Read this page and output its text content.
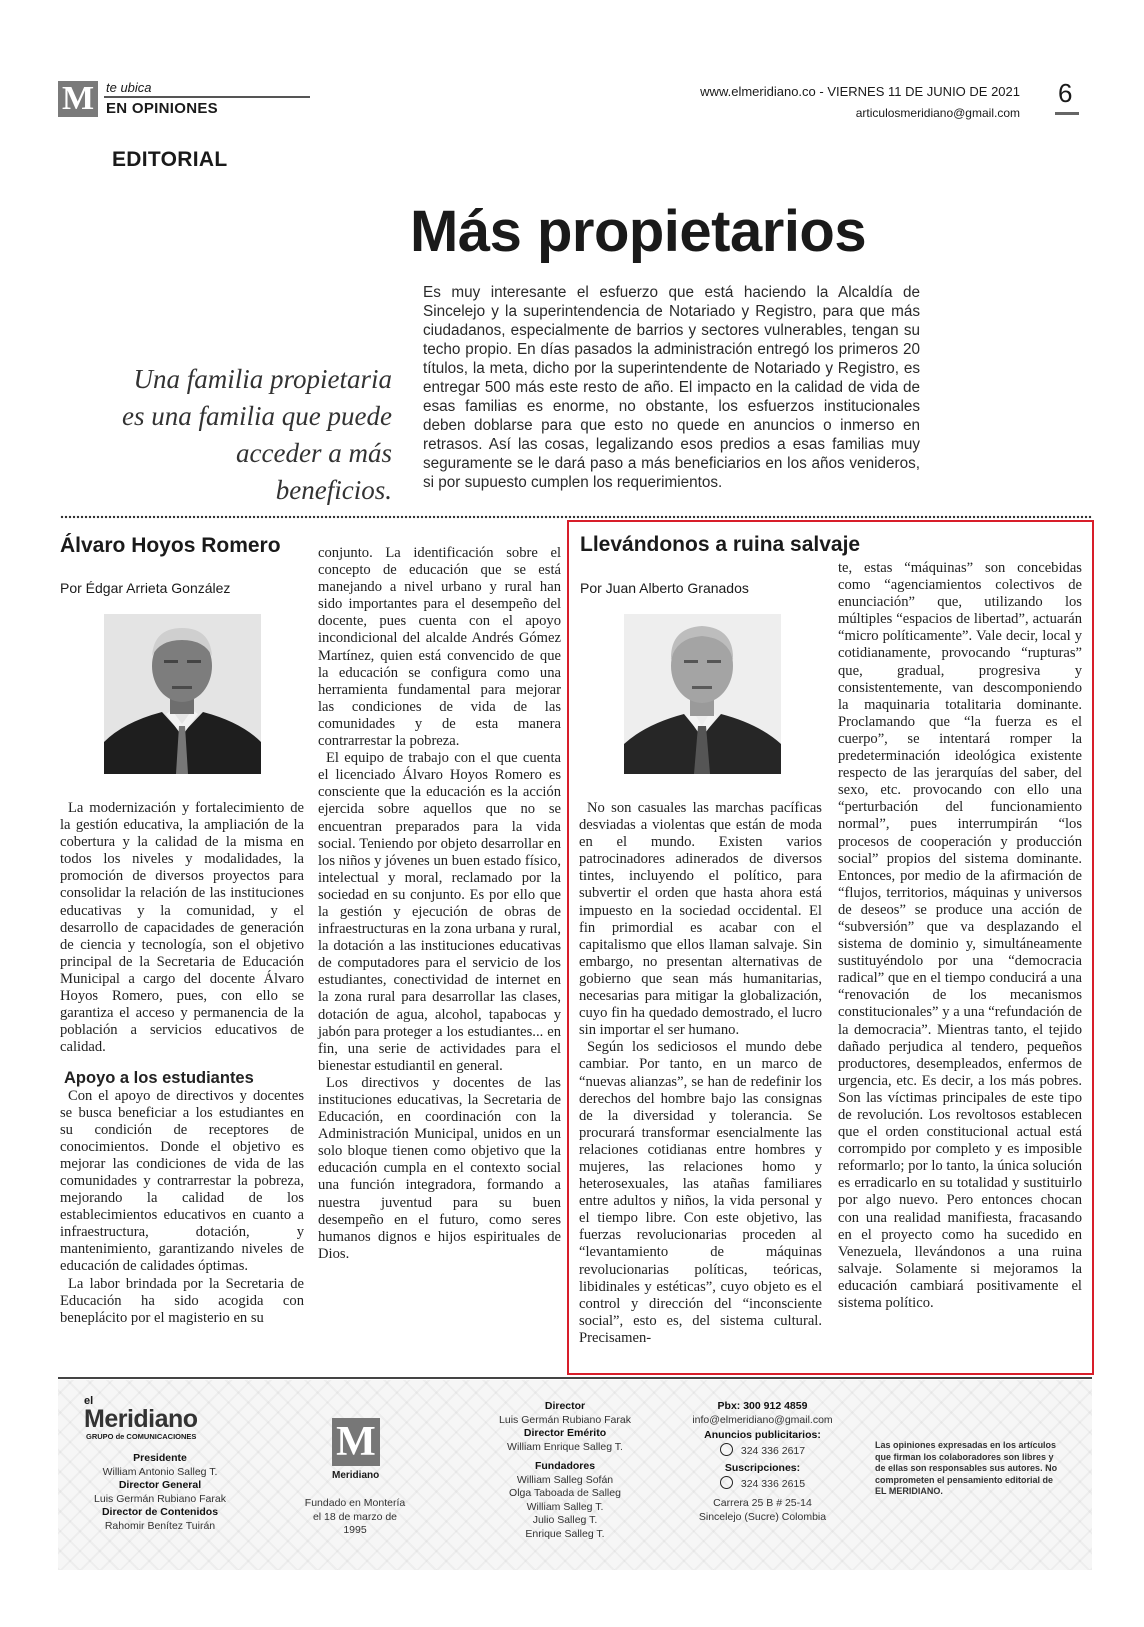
M te ubica
EN OPINIONES
www.elmeridiano.co - VIERNES 11 DE JUNIO DE 2021
articulosmeridiano@gmail.com
6
EDITORIAL
Más propietarios

Es muy interesante el esfuerzo que está haciendo la Alcaldía de Sincelejo y la superintendencia de Notariado y Registro, para que más ciudadanos, especialmente de barrios y sectores vulnerables, tengan su techo propio. En días pasados la administración entregó los primeros 20 títulos, la meta, dicho por la superintendente de Notariado y Registro, es entregar 500 más este resto de año. El impacto en la calidad de vida de esas familias es enorme, no obstante, los esfuerzos institucionales deben doblarse para que esto no quede en anuncios o inmerso en retrasos. Así las cosas, legalizando esos predios a esas familias muy seguramente se le dará paso a más beneficiarios en los años venideros, si por supuesto cumplen los requerimientos.

Una familia propietaria es una familia que puede acceder a más beneficios.

Álvaro Hoyos Romero
Por Édgar Arrieta González

La modernización y fortalecimiento de la gestión educativa, la ampliación de la cobertura y la calidad de la misma en todos los niveles y modalidades, la promoción de diversos proyectos para consolidar la relación de las instituciones educativas y la comunidad, y el desarrollo de capacidades de generación de ciencia y tecnología, son el objetivo principal de la Secretaria de Educación Municipal a cargo del docente Álvaro Hoyos Romero, pues, con ello se garantiza el acceso y permanencia de la población a servicios educativos de calidad.

Apoyo a los estudiantes

Con el apoyo de directivos y docentes se busca beneficiar a los estudiantes en su condición de receptores de conocimientos. Donde el objetivo es mejorar las condiciones de vida de las comunidades y contrarrestar la pobreza, mejorando la calidad de los establecimientos educativos en cuanto a infraestructura, dotación, y mantenimiento, garantizando niveles de educación de calidades óptimas.

La labor brindada por la Secretaria de Educación ha sido acogida con beneplácito por el magisterio en su

conjunto. La identificación sobre el concepto de educación que se está manejando a nivel urbano y rural han sido importantes para el desempeño del docente, pues cuenta con el apoyo incondicional del alcalde Andrés Gómez Martínez, quien está convencido de que la educación se configura como una herramienta fundamental para mejorar las condiciones de vida de las comunidades y de esta manera contrarrestar la pobreza.

El equipo de trabajo con el que cuenta el licenciado Álvaro Hoyos Romero es consciente que la educación es la acción ejercida sobre aquellos que no se encuentran preparados para la vida social. Teniendo por objeto desarrollar en los niños y jóvenes un buen estado físico, intelectual y moral, reclamado por la sociedad en su conjunto. Es por ello que la gestión y ejecución de obras de infraestructuras en la zona urbana y rural, la dotación a las instituciones educativas de computadores para el servicio de los estudiantes, conectividad de internet en la zona rural para desarrollar las clases, dotación de agua, alcohol, tapabocas y jabón para proteger a los estudiantes... en fin, una serie de actividades para el bienestar estudiantil en general.

Los directivos y docentes de las instituciones educativas, la Secretaria de Educación, en coordinación con la Administración Municipal, unidos en un solo bloque tienen como objetivo que la educación cumpla en el contexto social una función integradora, formando a nuestra juventud para su buen desempeño en el futuro, como seres humanos dignos e hijos espirituales de Dios.

Llevándonos a ruina salvaje
Por Juan Alberto Granados

No son casuales las marchas pacíficas desviadas a violentas que están de moda en el mundo. Existen varios patrocinadores adinerados de diversos tintes, incluyendo el político, para subvertir el orden que hasta ahora está impuesto en la sociedad occidental. El fin primordial es acabar con el capitalismo que ellos llaman salvaje. Sin embargo, no presentan alternativas de gobierno que sean más humanitarias, necesarias para mitigar la globalización, cuyo fin ha quedado demostrado, el lucro sin importar el ser humano.

Según los sediciosos el mundo debe cambiar. Por tanto, en un marco de “nuevas alianzas”, se han de redefinir los derechos del hombre bajo las consignas de la diversidad y tolerancia. Se procurará transformar esencialmente las relaciones cotidianas entre hombres y mujeres, las relaciones homo y heterosexuales, las atañas familiares entre adultos y niños, la vida personal y el tiempo libre. Con este objetivo, las fuerzas revolucionarias proceden al “levantamiento de máquinas revolucionarias políticas, teóricas, libidinales y estéticas”, cuyo objeto es el control y dirección del “inconsciente social”, esto es, del sistema cultural. Precisamen-

te, estas “máquinas” son concebidas como “agenciamientos colectivos de enunciación” que, utilizando los múltiples “espacios de libertad”, actuarán “micro políticamente”. Vale decir, local y cotidianamente, provocando “rupturas” que, gradual, progresiva y consistentemente, van descomponiendo la maquinaria totalitaria dominante. Proclamando que “la fuerza es el cuerpo”, se intentará romper la predeterminación ideológica existente respecto de las jerarquías del saber, del sexo, etc. provocando con ello una “perturbación del funcionamiento normal”, pues interrumpirán “los procesos de cooperación y producción social” propios del sistema dominante. Entonces, por medio de la afirmación de “flujos, territorios, máquinas y universos de deseos” se produce una acción de “subversión” que va desplazando el sistema de dominio y, simultáneamente sustituyéndolo por una “democracia radical” que en el tiempo conducirá a una “renovación de los mecanismos constitucionales” y a una “refundación de la democracia”. Mientras tanto, el tejido dañado perjudica al tendero, pequeños productores, desempleados, enfermos de urgencia, etc. Es decir, a los más pobres. Son las víctimas principales de este tipo de revolución. Los revoltosos establecen que el orden constitucional actual está corrompido por completo y es imposible reformarlo; por lo tanto, la única solución es erradicarlo en su totalidad y sustituirlo por algo nuevo. Pero entonces chocan con una realidad manifiesta, fracasando en el proyecto como ha sucedido en Venezuela, llevándonos a una ruina salvaje. Solamente si mejoramos la educación cambiará positivamente el sistema político.

el
Meridiano
GRUPO de COMUNICACIONES
Presidente
William Antonio Salleg T.
Director General
Luis Germán Rubiano Farak
Director de Contenidos
Rahomir Benítez Tuirán
M
Meridiano
Fundado en Montería el 18 de marzo de 1995
Director
Luis Germán Rubiano Farak
Director Emérito
William Enrique Salleg T.
Fundadores
William Salleg Sofán
Olga Taboada de Salleg
William Salleg T.
Julio Salleg T.
Enrique Salleg T.
Pbx: 300 912 4859
info@elmeridiano@gmail.com
Anuncios publicitarios:
324 336 2617
Suscripciones:
324 336 2615
Carrera 25 B # 25-14
Sincelejo (Sucre) Colombia
Las opiniones expresadas en los artículos que firman los colaboradores son libres y de ellas son responsables sus autores. No comprometen el pensamiento editorial de EL MERIDIANO.
